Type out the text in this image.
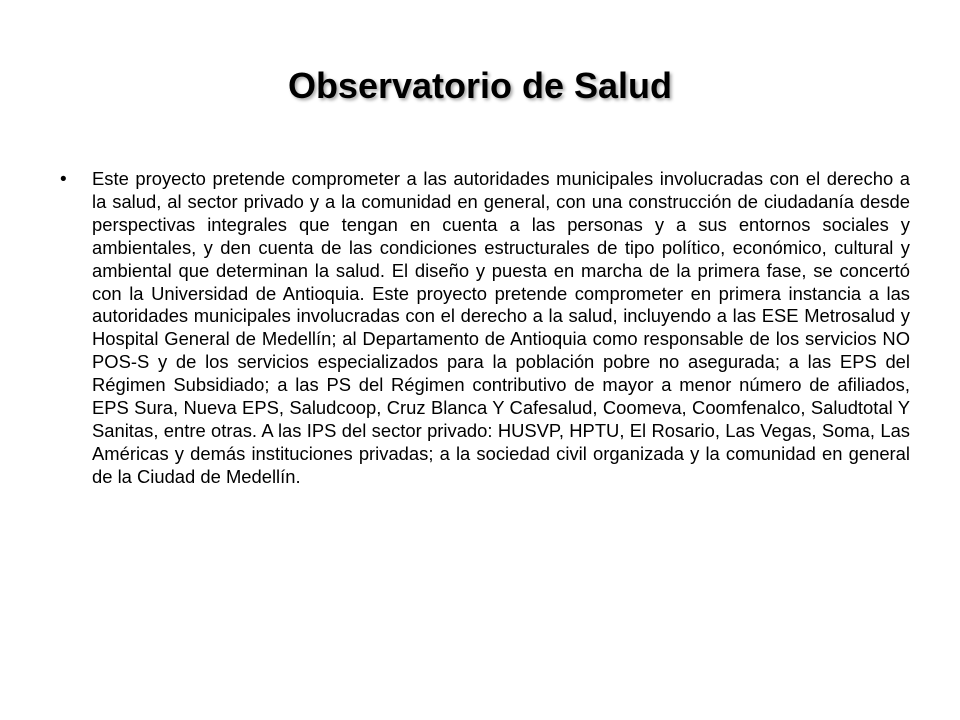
Observatorio de Salud
• Este proyecto pretende comprometer a las autoridades municipales involucradas con el derecho a la salud, al sector privado y a la comunidad en general, con una construcción de ciudadanía desde perspectivas integrales que tengan en cuenta a las personas y a sus entornos sociales y ambientales, y den cuenta de las condiciones estructurales de tipo político, económico, cultural y ambiental que determinan la salud. El diseño y puesta en marcha de la primera fase, se concertó con la Universidad de Antioquia. Este proyecto pretende comprometer en primera instancia a las autoridades municipales involucradas con el derecho a la salud, incluyendo a las ESE Metrosalud y Hospital General de Medellín; al Departamento de Antioquia como responsable de los servicios NO POS-S y de los servicios especializados para la población pobre no asegurada; a las EPS del Régimen Subsidiado; a las PS del Régimen contributivo de mayor a menor número de afiliados, EPS Sura, Nueva EPS, Saludcoop, Cruz Blanca Y Cafesalud, Coomeva, Coomfenalco, Saludtotal Y Sanitas, entre otras. A las IPS del sector privado: HUSVP, HPTU, El Rosario, Las Vegas, Soma, Las Américas y demás instituciones privadas; a la sociedad civil organizada y la comunidad en general de la Ciudad de Medellín.
